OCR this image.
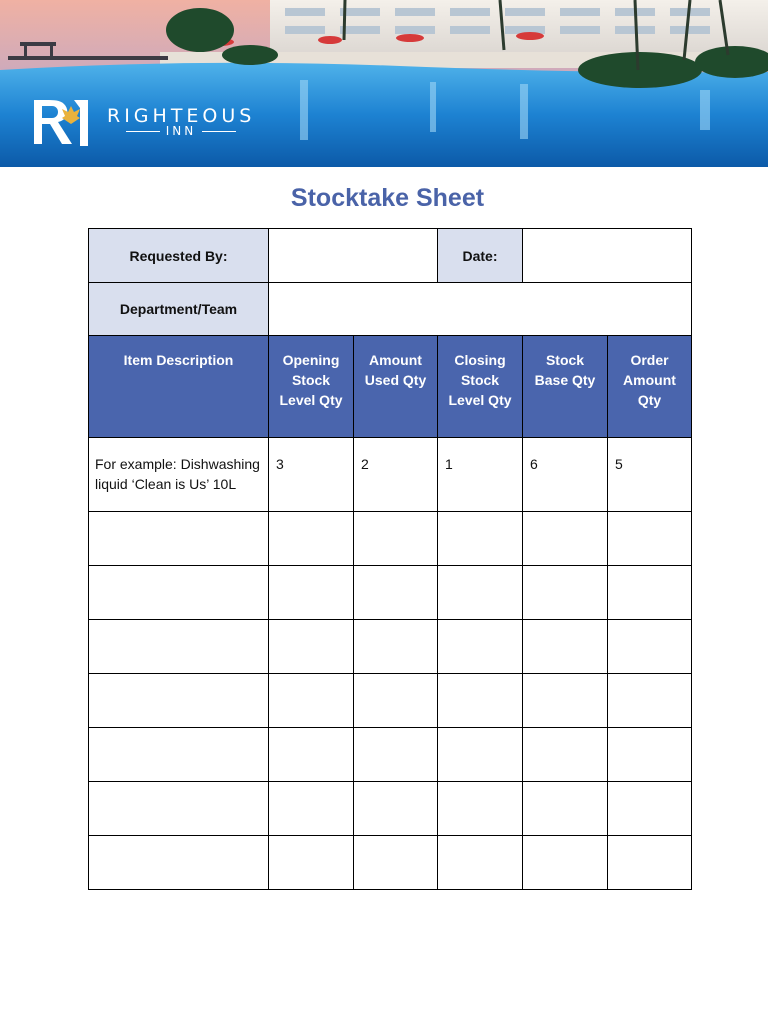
RIGHTEOUS
INN
Stocktake Sheet
Requested By:			Date:		
Department/Team					

Item Description	Opening Stock Level Qty	Amount Used Qty	Closing Stock Level Qty	Stock Base Qty	Order Amount Qty

For example: Dishwashing liquid ‘Clean is Us’ 10L	3	2	1	6	5
